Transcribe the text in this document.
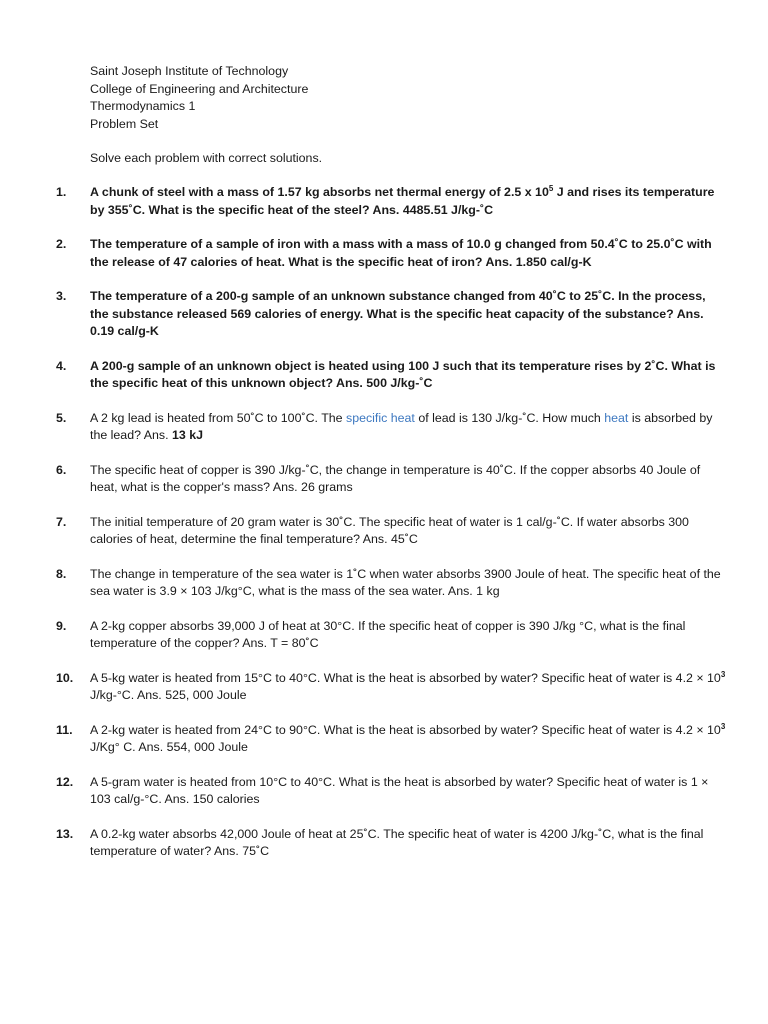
Saint Joseph Institute of Technology
College of Engineering and Architecture
Thermodynamics 1
Problem Set
Solve each problem with correct solutions.
1.	A chunk of steel with a mass of 1.57 kg absorbs net thermal energy of 2.5 x $10^5$ J and rises its temperature by 355˚C. What is the specific heat of the steel? Ans. 4485.51 J/kg-˚C
2.	The temperature of a sample of iron with a mass with a mass of 10.0 g changed from 50.4˚C to 25.0˚C with the release of 47 calories of heat. What is the specific heat of iron? Ans. 1.850 cal/g-K
3.	The temperature of a 200-g sample of an unknown substance changed from 40˚C to 25˚C. In the process, the substance released 569 calories of energy. What is the specific heat capacity of the substance? Ans. 0.19 cal/g-K
4.	A 200-g sample of an unknown object is heated using 100 J such that its temperature rises by 2˚C. What is the specific heat of this unknown object? Ans. 500 J/kg-˚C
5.	A 2 kg lead is heated from 50˚C to 100˚C. The specific heat of lead is 130 J/kg-˚C. How much heat is absorbed by the lead? Ans. 13 kJ
6.	The specific heat of copper is 390 J/kg-˚C, the change in temperature is 40˚C. If the copper absorbs 40 Joule of heat, what is the copper's mass? Ans. 26 grams
7.	The initial temperature of 20 gram water is 30˚C. The specific heat of water is 1 cal/g-˚C. If water absorbs 300 calories of heat, determine the final temperature? Ans. 45˚C
8.	The change in temperature of the sea water is 1˚C when water absorbs 3900 Joule of heat. The specific heat of the sea water is 3.9 × 103 J/kg°C, what is the mass of the sea water. Ans. 1 kg
9.	A 2-kg copper absorbs 39,000 J of heat at 30°C. If the specific heat of copper is 390 J/kg °C, what is the final temperature of the copper? Ans. T = 80˚C
10.	A 5-kg water is heated from 15°C to 40°C. What is the heat is absorbed by water? Specific heat of water is $4.2 \times 10^3$ J/kg-°C. Ans. 525, 000 Joule
11.	A 2-kg water is heated from 24°C to 90°C. What is the heat is absorbed by water? Specific heat of water is $4.2 \times 10^3$ J/Kg° C. Ans. 554, 000 Joule
12.	A 5-gram water is heated from 10°C to 40°C. What is the heat is absorbed by water? Specific heat of water is 1 × 103 cal/g-°C. Ans. 150 calories
13.	A 0.2-kg water absorbs 42,000 Joule of heat at 25˚C. The specific heat of water is 4200 J/kg-˚C, what is the final temperature of water? Ans. 75˚C
